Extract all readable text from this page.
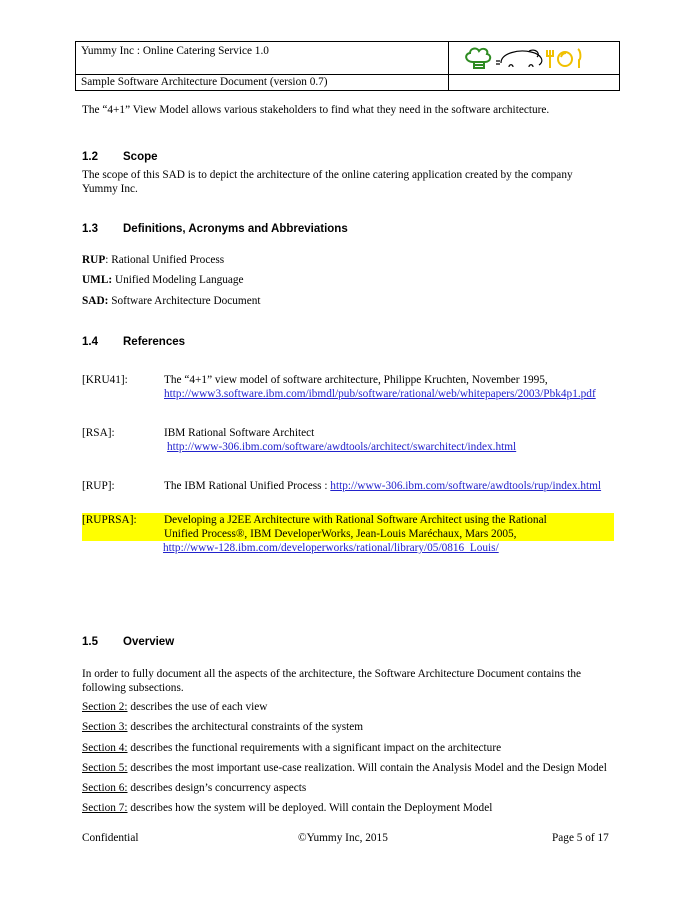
Yummy Inc : Online Catering Service 1.0	
Sample Software Architecture Document (version 0.7)	
The “4+1” View Model allows various stakeholders to find what they need in the software architecture.
1.2 Scope
The scope of this SAD is to depict the architecture of the online catering application created by the company Yummy Inc.
1.3 Definitions, Acronyms and Abbreviations
RUP: Rational Unified Process
UML: Unified Modeling Language
SAD: Software Architecture Document
1.4 References
[KRU41]:	The “4+1” view model of software architecture, Philippe Kruchten, November 1995,
http://www3.software.ibm.com/ibmdl/pub/software/rational/web/whitepapers/2003/Pbk4p1.pdf
[RSA]:	IBM Rational Software Architect
http://www-306.ibm.com/software/awdtools/architect/swarchitect/index.html
[RUP]:	The IBM Rational Unified Process : http://www-306.ibm.com/software/awdtools/rup/index.html
[RUPRSA]: Developing a J2EE Architecture with Rational Software Architect using the Rational
Unified Process®, IBM DeveloperWorks, Jean-Louis Maréchaux, Mars 2005,
http://www-128.ibm.com/developerworks/rational/library/05/0816_Louis/
1.5 Overview
In order to fully document all the aspects of the architecture, the Software Architecture Document contains the following subsections.
Section 2: describes the use of each view
Section 3: describes the architectural constraints of the system
Section 4: describes the functional requirements with a significant impact on the architecture
Section 5: describes the most important use-case realization. Will contain the Analysis Model and the Design Model
Section 6: describes design’s concurrency aspects
Section 7: describes how the system will be deployed. Will contain the Deployment Model
Confidential	©Yummy Inc, 2015	Page 5 of 17
